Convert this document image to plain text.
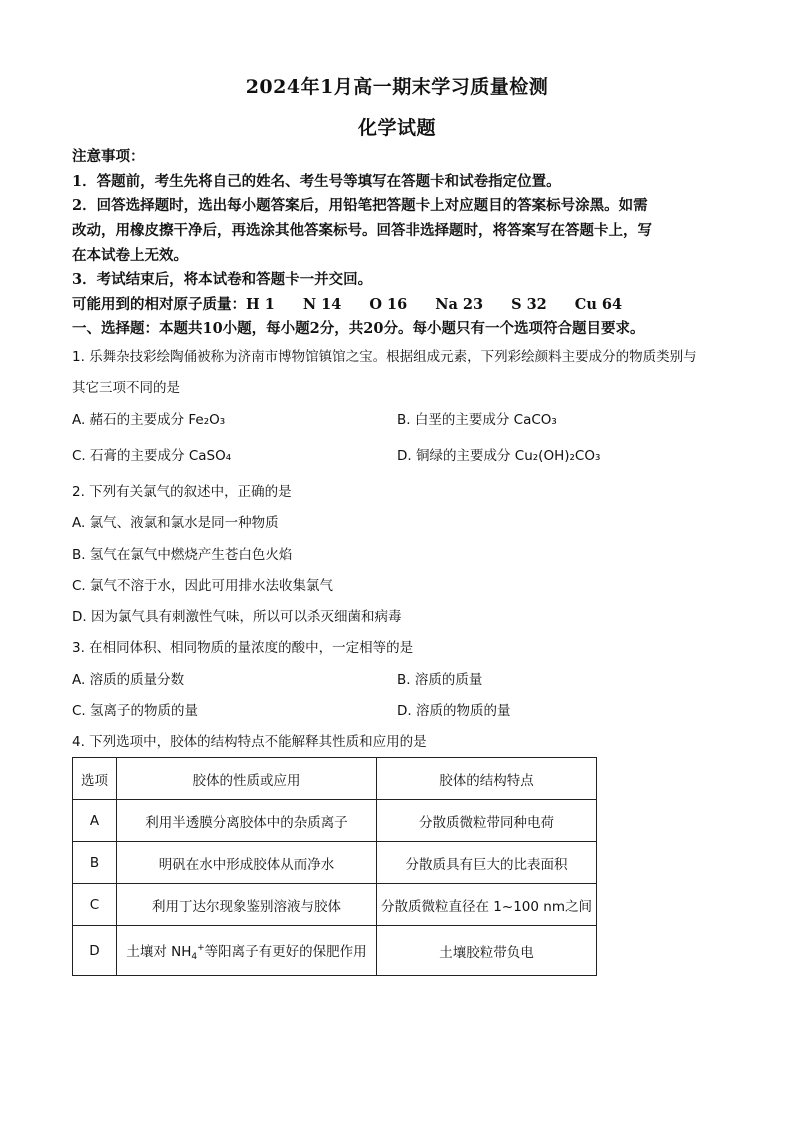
2024年1月高一期末学习质量检测
化学试题
注意事项：
1．答题前，考生先将自己的姓名、考生号等填写在答题卡和试卷指定位置。
2．回答选择题时，选出每小题答案后，用铅笔把答题卡上对应题目的答案标号涂黑。如需
改动，用橡皮擦干净后，再选涂其他答案标号。回答非选择题时，将答案写在答题卡上，写
在本试卷上无效。
3．考试结束后，将本试卷和答题卡一并交回。
可能用到的相对原子质量：H 1 N 14 O 16 Na 23 S 32 Cu 64
一、选择题：本题共10小题，每小题2分，共20分。每小题只有一个选项符合题目要求。
1. 乐舞杂技彩绘陶俑被称为济南市博物馆镇馆之宝。根据组成元素，下列彩绘颜料主要成分的物质类别与
其它三项不同的是
A. 赭石的主要成分 Fe₂O₃	B. 白垩的主要成分 CaCO₃
C. 石膏的主要成分 CaSO₄	D. 铜绿的主要成分 Cu₂(OH)₂CO₃
2. 下列有关氯气的叙述中，正确的是
A. 氯气、液氯和氯水是同一种物质
B. 氢气在氯气中燃烧产生苍白色火焰
C. 氯气不溶于水，因此可用排水法收集氯气
D. 因为氯气具有刺激性气味，所以可以杀灭细菌和病毒
3. 在相同体积、相同物质的量浓度的酸中，一定相等的是
A. 溶质的质量分数	B. 溶质的质量
C. 氢离子的物质的量	D. 溶质的物质的量
4. 下列选项中，胶体的结构特点不能解释其性质和应用的是
选项	胶体的性质或应用	胶体的结构特点
A	利用半透膜分离胶体中的杂质离子	分散质微粒带同种电荷
B	明矾在水中形成胶体从而净水	分散质具有巨大的比表面积
C	利用丁达尔现象鉴别溶液与胶体	分散质微粒直径在 1~100 nm之间
D	土壤对 $NH_4^+$等阳离子有更好的保肥作用	土壤胶粒带负电
